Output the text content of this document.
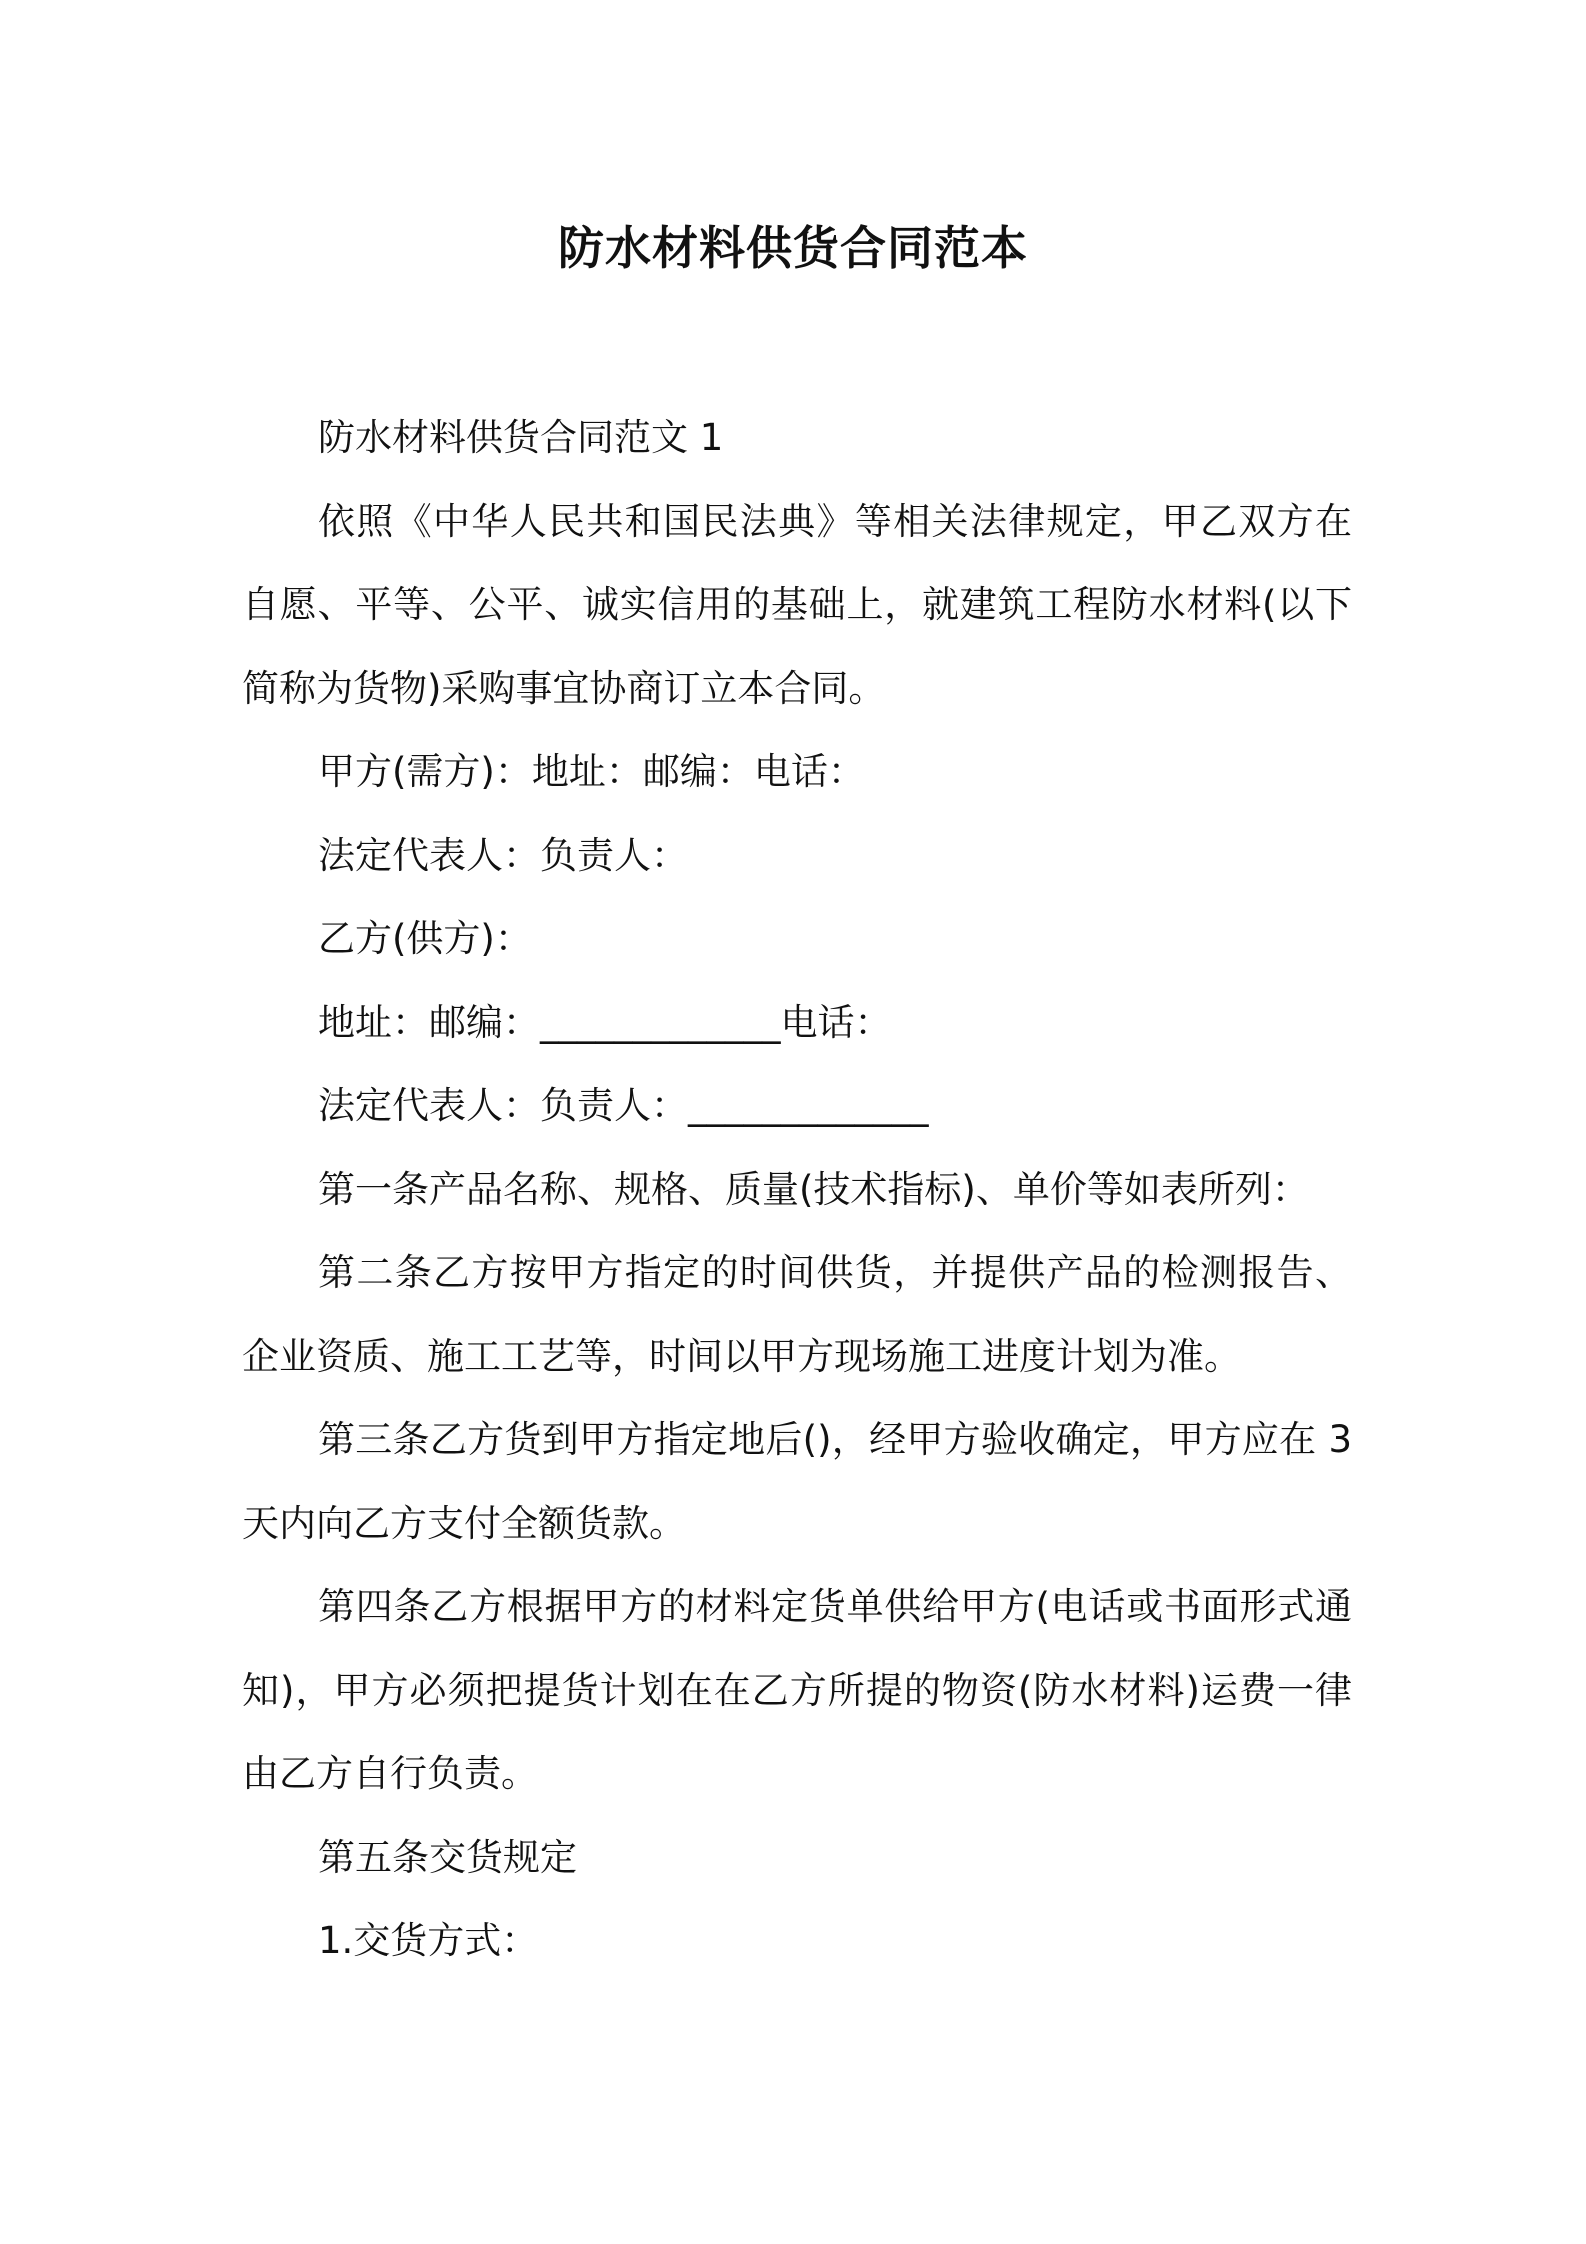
防水材料供货合同范本

防水材料供货合同范文 1

依照《中华人民共和国民法典》等相关法律规定，甲乙双方在自愿、平等、公平、诚实信用的基础上，就建筑工程防水材料(以下简称为货物)采购事宜协商订立本合同。

甲方(需方)：地址：邮编：电话：

法定代表人：负责人：

乙方(供方)：

地址：邮编：_____________电话：

法定代表人：负责人：_____________

第一条产品名称、规格、质量(技术指标)、单价等如表所列：

第二条乙方按甲方指定的时间供货，并提供产品的检测报告、企业资质、施工工艺等，时间以甲方现场施工进度计划为准。

第三条乙方货到甲方指定地后()，经甲方验收确定，甲方应在 3 天内向乙方支付全额货款。

第四条乙方根据甲方的材料定货单供给甲方(电话或书面形式通知)，甲方必须把提货计划在在乙方所提的物资(防水材料)运费一律由乙方自行负责。

第五条交货规定

1.交货方式：
